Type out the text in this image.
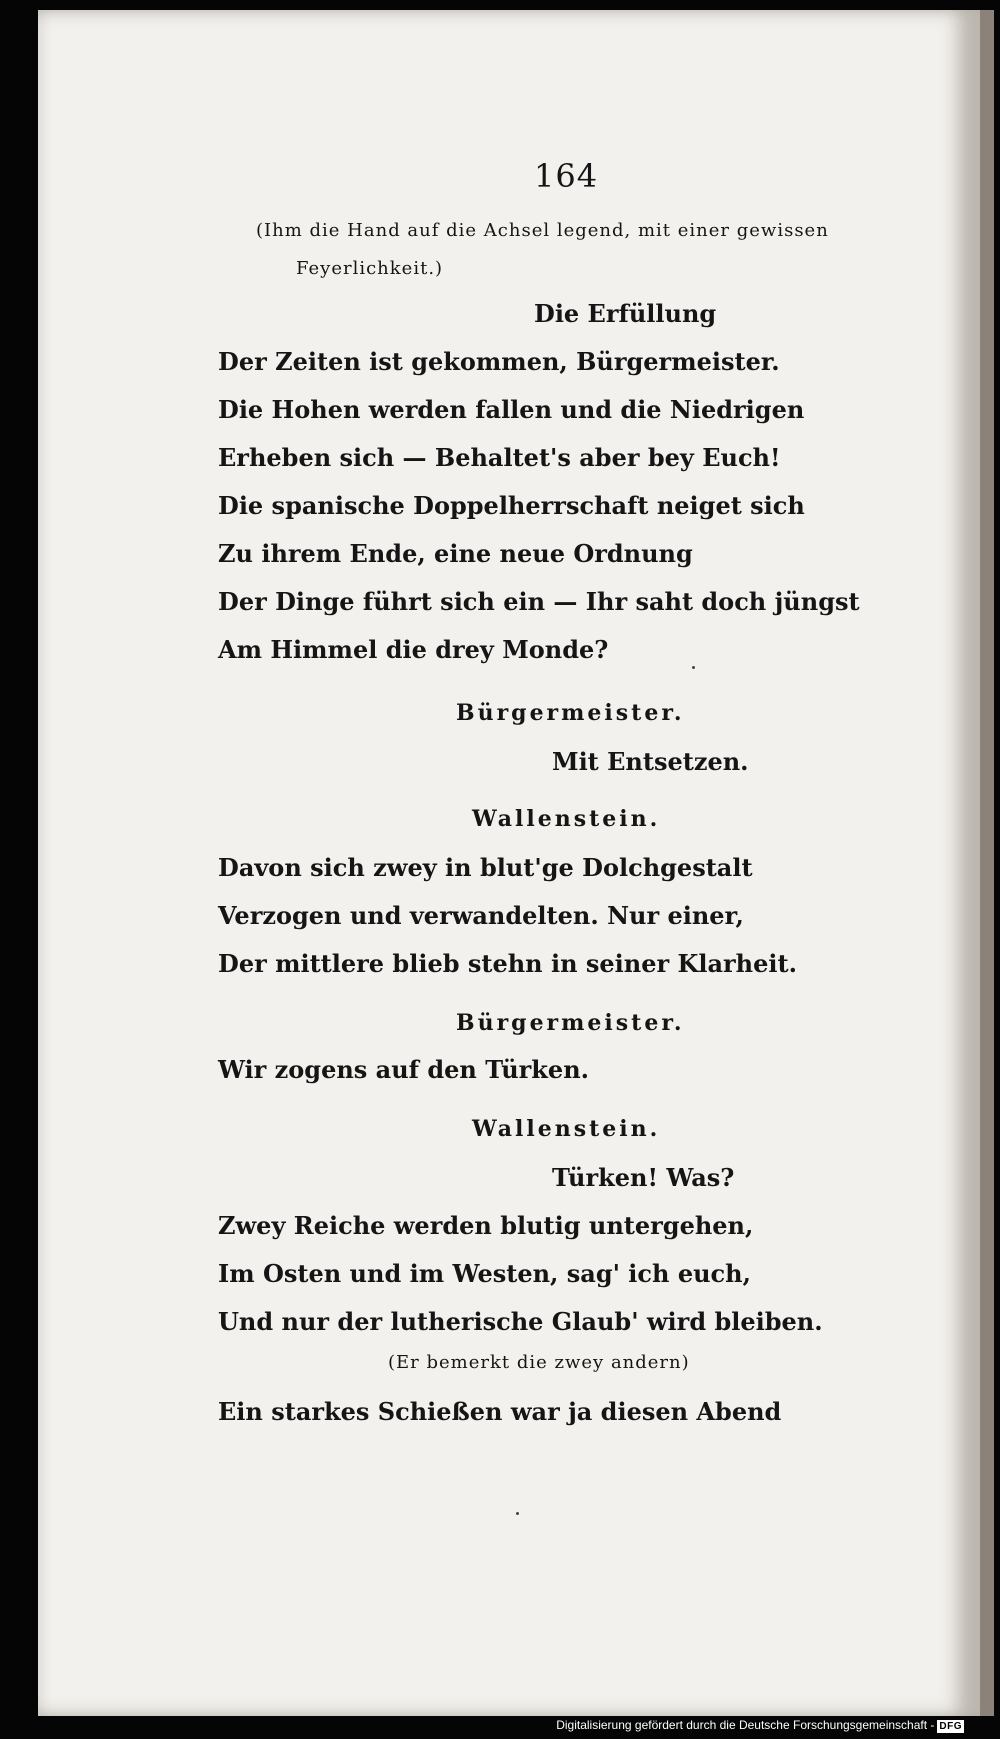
164
(Ihm die Hand auf die Achsel legend, mit einer gewissen
Feyerlichkeit.)
Die Erfüllung
Der Zeiten ist gekommen, Bürgermeister.
Die Hohen werden fallen und die Niedrigen
Erheben sich — Behaltet's aber bey Euch!
Die spanische Doppelherrschaft neiget sich
Zu ihrem Ende, eine neue Ordnung
Der Dinge führt sich ein — Ihr saht doch jüngst
Am Himmel die drey Monde?
Bürgermeister.
Mit Entsetzen.
Wallenstein.
Davon sich zwey in blut'ge Dolchgestalt
Verzogen und verwandelten. Nur einer,
Der mittlere blieb stehn in seiner Klarheit.
Bürgermeister.
Wir zogens auf den Türken.
Wallenstein.
Türken! Was?
Zwey Reiche werden blutig untergehen,
Im Osten und im Westen, sag' ich euch,
Und nur der lutherische Glaub' wird bleiben.
(Er bemerkt die zwey andern)
Ein starkes Schießen war ja diesen Abend
Digitalisierung gefördert durch die Deutsche Forschungsgemeinschaft - DFG
